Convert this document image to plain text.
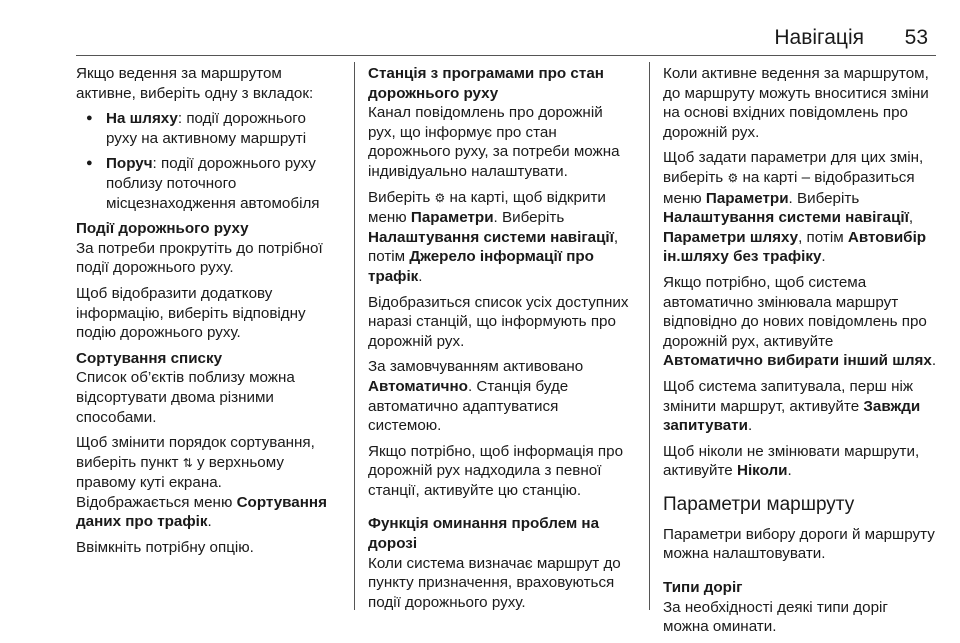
Навігація 53

Якщо ведення за маршрутом активне, виберіть одну з вкладок:

● На шляху: події дорожнього руху на активному маршруті
● Поруч: події дорожнього руху поблизу поточного місцезнаходження автомобіля
Події дорожнього руху

За потреби прокрутіть до потрібної події дорожнього руху.

Щоб відобразити додаткову інформацію, виберіть відповідну подію дорожнього руху.

Сортування списку

Список об’єктів поблизу можна відсортувати двома різними способами.

Щоб змінити порядок сортування, виберіть пункт ⇅ у верхньому правому куті екрана.

Відображається меню Сортування даних про трафік.

Ввімкніть потрібну опцію.

Станція з програмами про стан дорожнього руху

Канал повідомлень про дорожній рух, що інформує про стан дорожнього руху, за потреби можна індивідуально налаштувати.

Виберіть ⚙ на карті, щоб відкрити меню Параметри. Виберіть Налаштування системи навігації, потім Джерело інформації про трафік.

Відобразиться список усіх доступних наразі станцій, що інформують про дорожній рух.

За замовчуванням активовано Автоматично. Станція буде автоматично адаптуватися системою.

Якщо потрібно, щоб інформація про дорожній рух надходила з певної станції, активуйте цю станцію.

Функція оминання проблем на дорозі

Коли система визначає маршрут до пункту призначення, враховуються події дорожнього руху.

Коли активне ведення за маршрутом, до маршруту можуть вноситися зміни на основі вхідних повідомлень про дорожній рух.

Щоб задати параметри для цих змін, виберіть ⚙ на карті – відобразиться меню Параметри. Виберіть Налаштування системи навігації, Параметри шляху, потім Автовибір ін.шляху без трафіку.

Якщо потрібно, щоб система автоматично змінювала маршрут відповідно до нових повідомлень про дорожній рух, активуйте Автоматично вибирати інший шлях.

Щоб система запитувала, перш ніж змінити маршрут, активуйте Завжди запитувати.

Щоб ніколи не змінювати маршрути, активуйте Ніколи.

Параметри маршруту

Параметри вибору дороги й маршруту можна налаштовувати.

Типи доріг

За необхідності деякі типи доріг можна оминати.
